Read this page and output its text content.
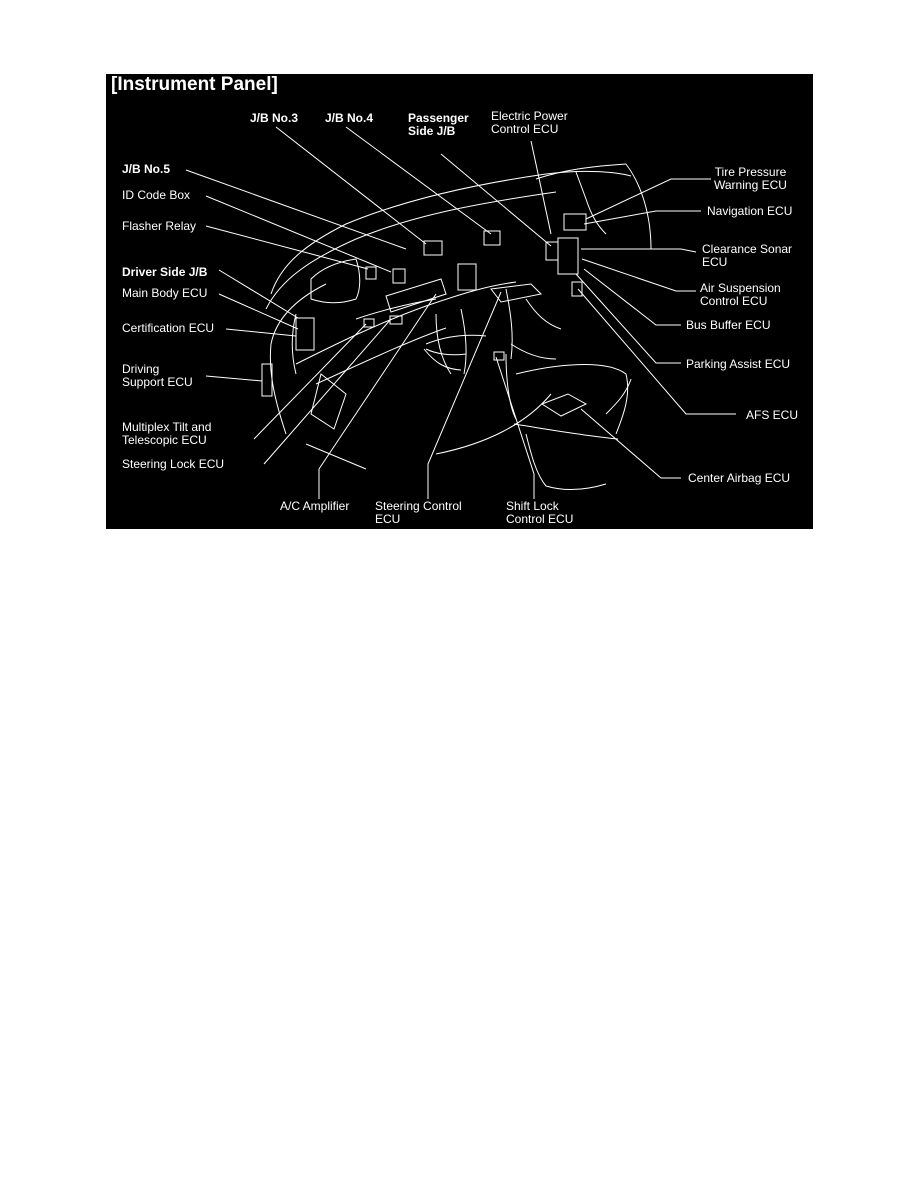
[Instrument Panel]
J/B No.3 J/B No.4	Passenger
Side J/B
Electric Power
Control ECU
J/B No.5
ID Code Box
Flasher Relay
Driver Side J/B
Main Body ECU
Certification ECU
Driving
Support ECU
Multiplex Tilt and
Telescopic ECU
Steering Lock ECU
A/C Amplifier Steering Control
ECU
Shift Lock
Control ECU
Tire Pressure
Warning ECU
Navigation ECU
Clearance Sonar
ECU
Air Suspension
Control ECU
Bus Buffer ECU
Parking Assist ECU
AFS ECU
Center Airbag ECU
